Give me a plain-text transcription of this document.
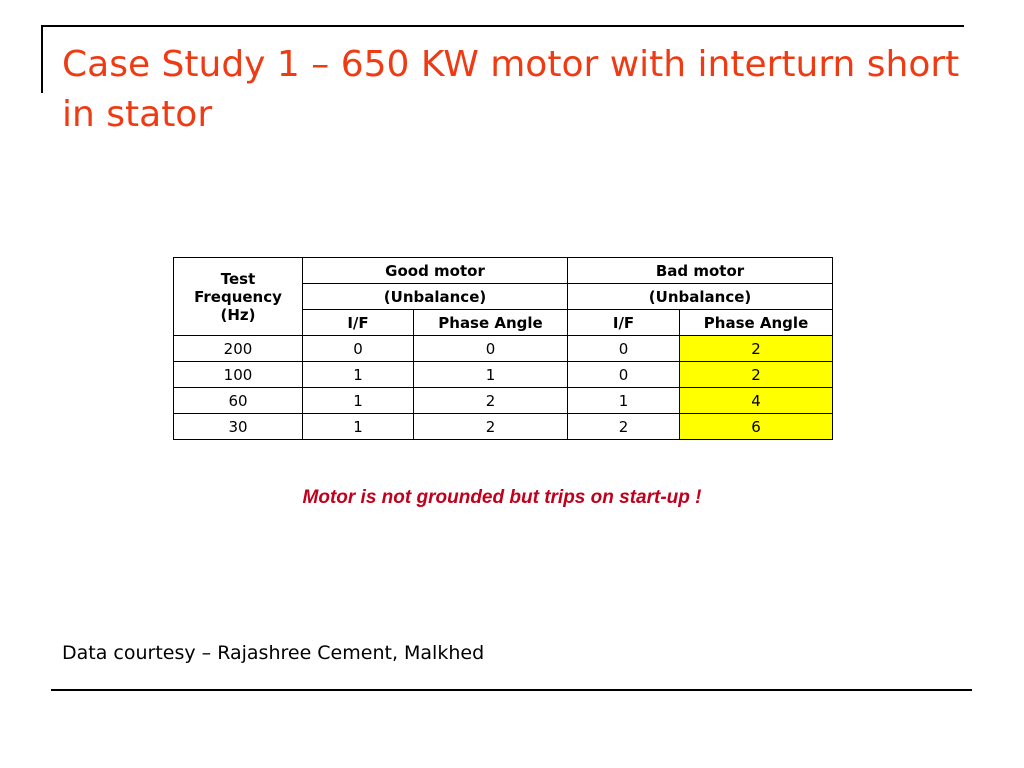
Case Study 1 – 650 KW motor with interturn short in stator
Test
Frequency
(Hz)	Good motor		Bad motor	
	(Unbalance)		(Unbalance)	
	I/F	Phase Angle	I/F	Phase Angle
200	0	0	0	2
100	1	1	0	2
60	1	2	1	4
30	1	2	2	6
Motor is not grounded but trips on start-up !
Data courtesy – Rajashree Cement, Malkhed
